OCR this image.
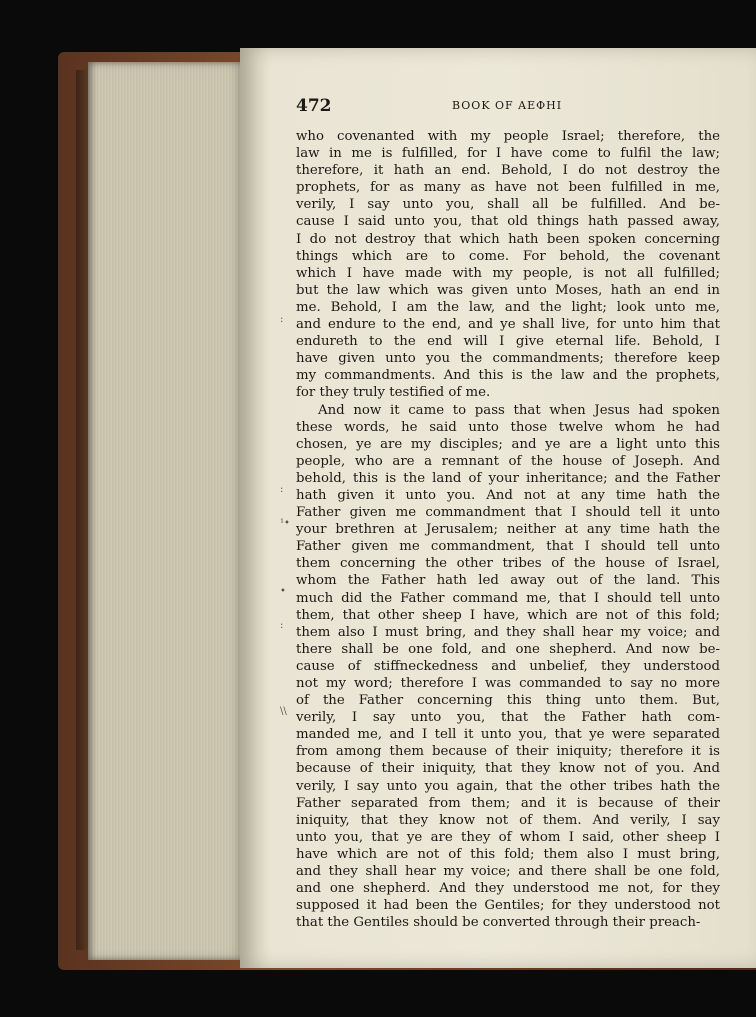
472	BOOK OF ΑΕΦΗΙ
:
:
¹•
•
:
\\
who covenanted with my people Israel; therefore, the
law in me is fulfilled, for I have come to fulfil the law;
therefore, it hath an end. Behold, I do not destroy the
prophets, for as many as have not been fulfilled in me,
verily, I say unto you, shall all be fulfilled. And be-
cause I said unto you, that old things hath passed away,
I do not destroy that which hath been spoken concerning
things which are to come. For behold, the covenant
which I have made with my people, is not all fulfilled;
but the law which was given unto Moses, hath an end in
me. Behold, I am the law, and the light; look unto me,
and endure to the end, and ye shall live, for unto him that
endureth to the end will I give eternal life. Behold, I
have given unto you the commandments; therefore keep
my commandments. And this is the law and the prophets,
for they truly testified of me.
And now it came to pass that when Jesus had spoken
these words, he said unto those twelve whom he had
chosen, ye are my disciples; and ye are a light unto this
people, who are a remnant of the house of Joseph. And
behold, this is the land of your inheritance; and the Father
hath given it unto you. And not at any time hath the
Father given me commandment that I should tell it unto
your brethren at Jerusalem; neither at any time hath the
Father given me commandment, that I should tell unto
them concerning the other tribes of the house of Israel,
whom the Father hath led away out of the land. This
much did the Father command me, that I should tell unto
them, that other sheep I have, which are not of this fold;
them also I must bring, and they shall hear my voice; and
there shall be one fold, and one shepherd. And now be-
cause of stiffneckedness and unbelief, they understood
not my word; therefore I was commanded to say no more
of the Father concerning this thing unto them. But,
verily, I say unto you, that the Father hath com-
manded me, and I tell it unto you, that ye were separated
from among them because of their iniquity; therefore it is
because of their iniquity, that they know not of you. And
verily, I say unto you again, that the other tribes hath the
Father separated from them; and it is because of their
iniquity, that they know not of them. And verily, I say
unto you, that ye are they of whom I said, other sheep I
have which are not of this fold; them also I must bring,
and they shall hear my voice; and there shall be one fold,
and one shepherd. And they understood me not, for they
supposed it had been the Gentiles; for they understood not
that the Gentiles should be converted through their preach-
